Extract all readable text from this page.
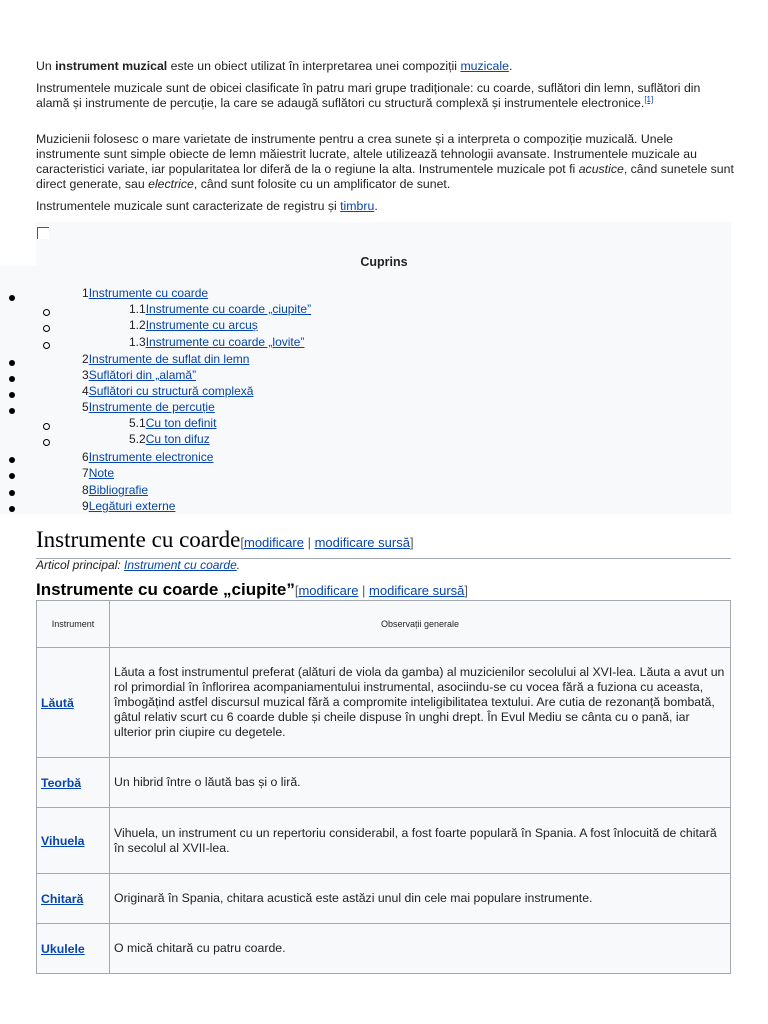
Un instrument muzical este un obiect utilizat în interpretarea unei compoziții muzicale.

Instrumentele muzicale sunt de obicei clasificate în patru mari grupe tradiționale: cu coarde, suflători din lemn, suflători din alamă și instrumente de percuție, la care se adaugă suflători cu structură complexă și instrumentele electronice.[1]

Muzicienii folosesc o mare varietate de instrumente pentru a crea sunete și a interpreta o compoziție muzicală. Unele instrumente sunt simple obiecte de lemn măiestrit lucrate, altele utilizează tehnologii avansate. Instrumentele muzicale au caracteristici variate, iar popularitatea lor diferă de la o regiune la alta. Instrumentele muzicale pot fi acustice, când sunetele sunt direct generate, sau electrice, când sunt folosite cu un amplificator de sunet.

Instrumentele muzicale sunt caracterizate de registru și timbru.

Cuprins
1Instrumente cu coarde
1.1Instrumente cu coarde „ciupite”
1.2Instrumente cu arcuș
1.3Instrumente cu coarde „lovite”
2Instrumente de suflat din lemn
3Suflători din „alamă”
4Suflători cu structură complexă
5Instrumente de percuție
5.1Cu ton definit
5.2Cu ton difuz
6Instrumente electronice
7Note
8Bibliografie
9Legături externe
Instrumente cu coarde[modificare | modificare sursă]
Articol principal: Instrument cu coarde.
Instrumente cu coarde „ciupite”[modificare | modificare sursă]
Instrument	Observații generale
Lăută	Lăuta a fost instrumentul preferat (alături de viola da gamba) al muzicienilor secolului al XVI-lea. Lăuta a avut un rol primordial în înflorirea acompaniamentului instrumental, asociindu-se cu vocea fără a fuziona cu aceasta, îmbogățind astfel discursul muzical fără a compromite inteligibilitatea textului. Are cutia de rezonanță bombată, gâtul relativ scurt cu 6 coarde duble și cheile dispuse în unghi drept. În Evul Mediu se cânta cu o pană, iar ulterior prin ciupire cu degetele.
Teorbă	Un hibrid între o lăută bas și o liră.
Vihuela	Vihuela, un instrument cu un repertoriu considerabil, a fost foarte populară în Spania. A fost înlocuită de chitară în secolul al XVII-lea.
Chitară	Originară în Spania, chitara acustică este astăzi unul din cele mai populare instrumente.
Ukulele	O mică chitară cu patru coarde.
